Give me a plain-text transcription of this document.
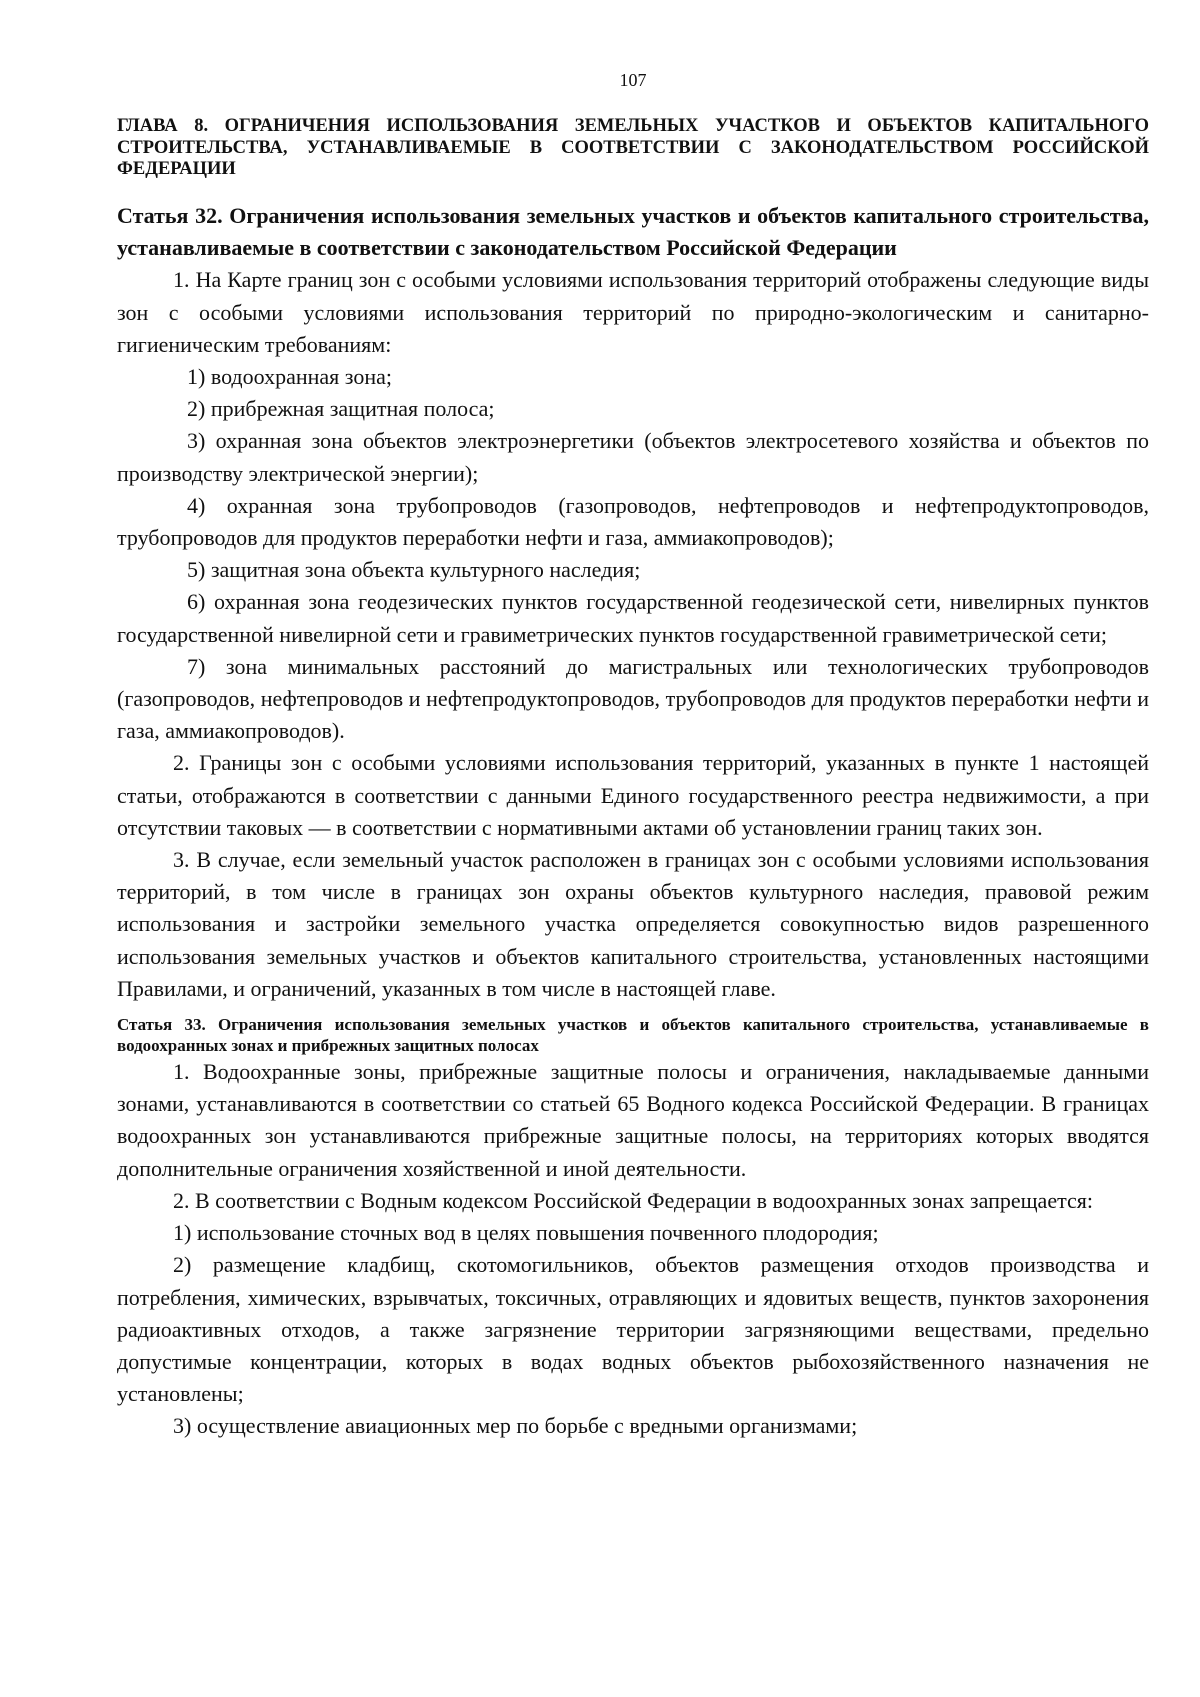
107

ГЛАВА 8. ОГРАНИЧЕНИЯ ИСПОЛЬЗОВАНИЯ ЗЕМЕЛЬНЫХ УЧАСТКОВ И ОБЪЕКТОВ КАПИТАЛЬНОГО СТРОИТЕЛЬСТВА, УСТАНАВЛИВАЕМЫЕ В СООТВЕТСТВИИ С ЗАКОНОДАТЕЛЬСТВОМ РОССИЙСКОЙ ФЕДЕРАЦИИ

Статья 32. Ограничения использования земельных участков и объектов капитального строительства, устанавливаемые в соответствии с законодательством Российской Федерации

1. На Карте границ зон с особыми условиями использования территорий отображены следующие виды зон с особыми условиями использования территорий по природно-экологическим и санитарно-гигиеническим требованиям:

1) водоохранная зона;

2) прибрежная защитная полоса;

3) охранная зона объектов электроэнергетики (объектов электросетевого хозяйства и объектов по производству электрической энергии);

4) охранная зона трубопроводов (газопроводов, нефтепроводов и нефтепродуктопроводов, трубопроводов для продуктов переработки нефти и газа, аммиакопроводов);

5) защитная зона объекта культурного наследия;

6) охранная зона геодезических пунктов государственной геодезической сети, нивелирных пунктов государственной нивелирной сети и гравиметрических пунктов государственной гравиметрической сети;

7) зона минимальных расстояний до магистральных или технологических трубопроводов (газопроводов, нефтепроводов и нефтепродуктопроводов, трубопроводов для продуктов переработки нефти и газа, аммиакопроводов).

2. Границы зон с особыми условиями использования территорий, указанных в пункте 1 настоящей статьи, отображаются в соответствии с данными Единого государственного реестра недвижимости, а при отсутствии таковых — в соответствии с нормативными актами об установлении границ таких зон.

3. В случае, если земельный участок расположен в границах зон с особыми условиями использования территорий, в том числе в границах зон охраны объектов культурного наследия, правовой режим использования и застройки земельного участка определяется совокупностью видов разрешенного использования земельных участков и объектов капитального строительства, установленных настоящими Правилами, и ограничений, указанных в том числе в настоящей главе.

Статья 33. Ограничения использования земельных участков и объектов капитального строительства, устанавливаемые в водоохранных зонах и прибрежных защитных полосах

1. Водоохранные зоны, прибрежные защитные полосы и ограничения, накладываемые данными зонами, устанавливаются в соответствии со статьей 65 Водного кодекса Российской Федерации. В границах водоохранных зон устанавливаются прибрежные защитные полосы, на территориях которых вводятся дополнительные ограничения хозяйственной и иной деятельности.

2. В соответствии с Водным кодексом Российской Федерации в водоохранных зонах запрещается:

1) использование сточных вод в целях повышения почвенного плодородия;

2) размещение кладбищ, скотомогильников, объектов размещения отходов производства и потребления, химических, взрывчатых, токсичных, отравляющих и ядовитых веществ, пунктов захоронения радиоактивных отходов, а также загрязнение территории загрязняющими веществами, предельно допустимые концентрации, которых в водах водных объектов рыбохозяйственного назначения не установлены;

3) осуществление авиационных мер по борьбе с вредными организмами;
